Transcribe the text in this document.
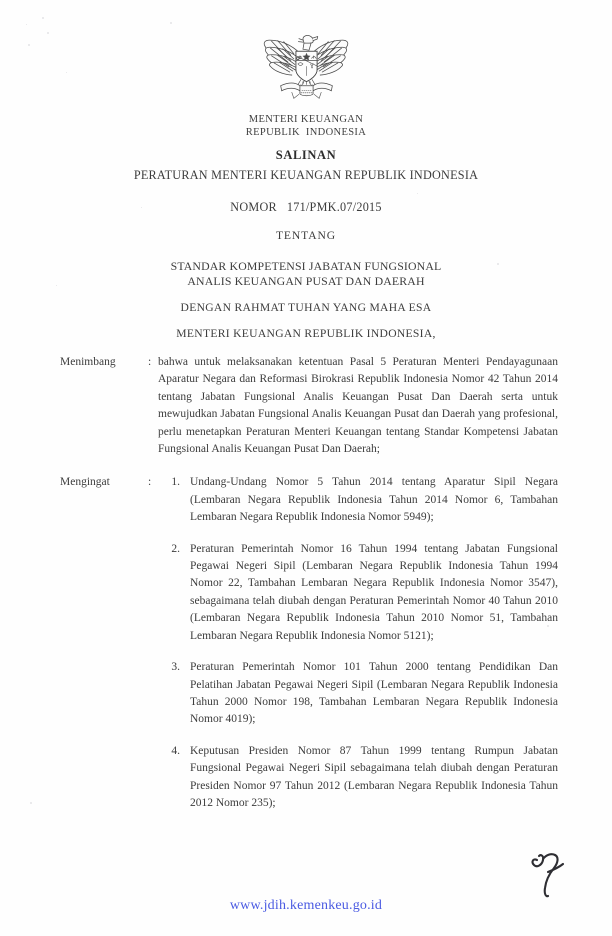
MENTERI KEUANGAN
REPUBLIK  INDONESIA
SALINAN
PERATURAN MENTERI KEUANGAN REPUBLIK INDONESIA
NOMOR 171/PMK.07/2015
TENTANG
STANDAR KOMPETENSI JABATAN FUNGSIONAL
ANALIS KEUANGAN PUSAT DAN DAERAH
DENGAN RAHMAT TUHAN YANG MAHA ESA
MENTERI KEUANGAN REPUBLIK INDONESIA,
Menimbang	: bahwa untuk melaksanakan ketentuan Pasal 5 Peraturan Menteri Pendayagunaan Aparatur Negara dan Reformasi Birokrasi Republik Indonesia Nomor 42 Tahun 2014 tentang Jabatan Fungsional Analis Keuangan Pusat Dan Daerah serta untuk mewujudkan Jabatan Fungsional Analis Keuangan Pusat dan Daerah yang profesional, perlu menetapkan Peraturan Menteri Keuangan tentang Standar Kompetensi Jabatan Fungsional Analis Keuangan Pusat Dan Daerah;

Mengingat	:	1. Undang-Undang Nomor 5 Tahun 2014 tentang Aparatur Sipil Negara (Lembaran Negara Republik Indonesia Tahun 2014 Nomor 6, Tambahan Lembaran Negara Republik Indonesia Nomor 5949);
2. Peraturan Pemerintah Nomor 16 Tahun 1994 tentang Jabatan Fungsional Pegawai Negeri Sipil (Lembaran Negara Republik Indonesia Tahun 1994 Nomor 22, Tambahan Lembaran Negara Republik Indonesia Nomor 3547), sebagaimana telah diubah dengan Peraturan Pemerintah Nomor 40 Tahun 2010 (Lembaran Negara Republik Indonesia Tahun 2010 Nomor 51, Tambahan Lembaran Negara Republik Indonesia Nomor 5121);
3. Peraturan Pemerintah Nomor 101 Tahun 2000 tentang Pendidikan Dan Pelatihan Jabatan Pegawai Negeri Sipil (Lembaran Negara Republik Indonesia Tahun 2000 Nomor 198, Tambahan Lembaran Negara Republik Indonesia Nomor 4019);
4. Keputusan Presiden Nomor 87 Tahun 1999 tentang Rumpun Jabatan Fungsional Pegawai Negeri Sipil sebagaimana telah diubah dengan Peraturan Presiden Nomor 97 Tahun 2012 (Lembaran Negara Republik Indonesia Tahun 2012 Nomor 235);
www.jdih.kemenkeu.go.id
